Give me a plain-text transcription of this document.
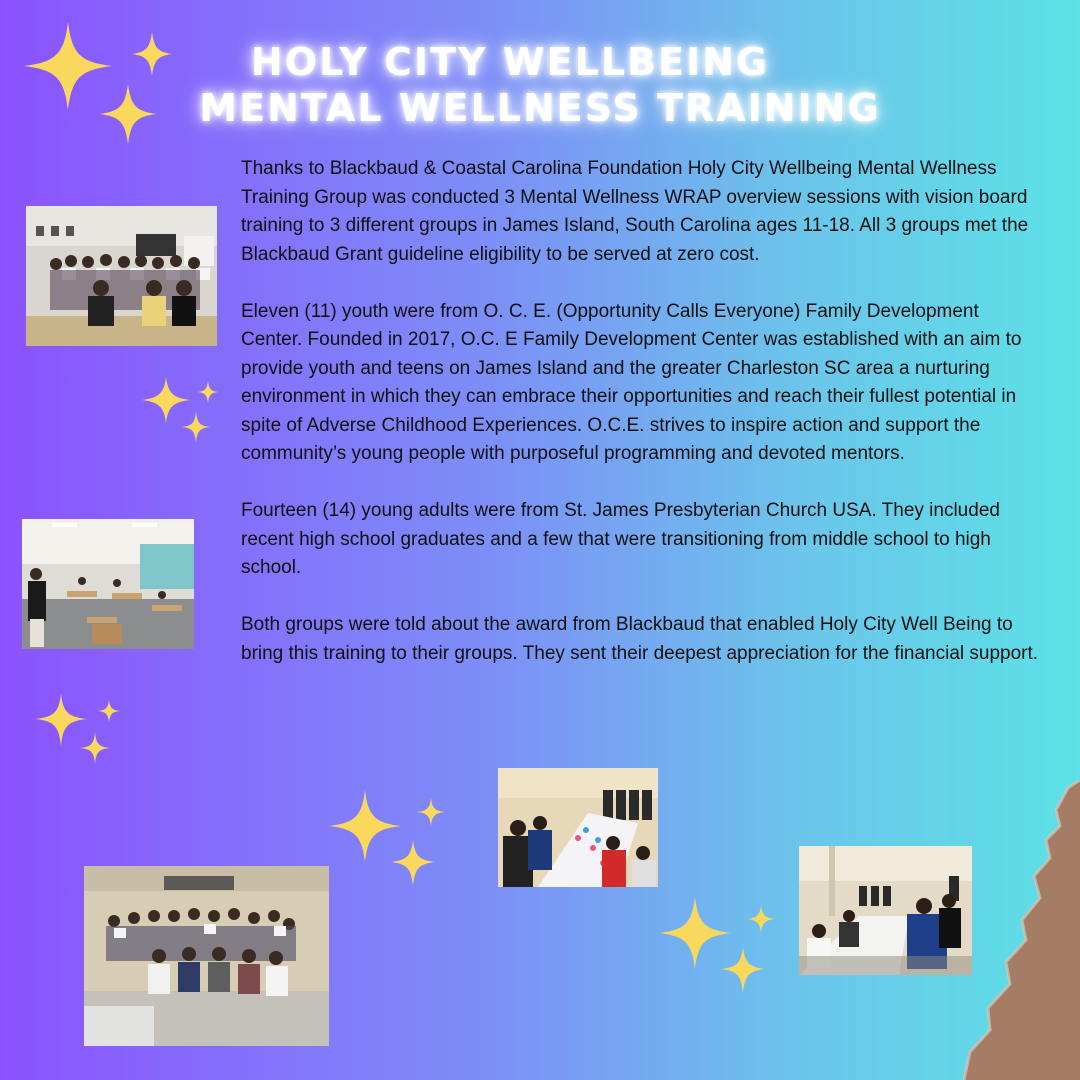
HOLY CITY WELLBEING
MENTAL WELLNESS TRAINING

Thanks to Blackbaud & Coastal Carolina Foundation Holy City Wellbeing Mental Wellness Training Group was conducted 3 Mental Wellness WRAP overview sessions with vision board training to 3 different groups in James Island, South Carolina ages 11-18. All 3 groups met the Blackbaud Grant guideline eligibility to be served at zero cost.

Eleven (11) youth were from O. C. E. (Opportunity Calls Everyone) Family Development Center. Founded in 2017, O.C. E Family Development Center was established with an aim to provide youth and teens on James Island and the greater Charleston SC area a nurturing environment in which they can embrace their opportunities and reach their fullest potential in spite of Adverse Childhood Experiences. O.C.E. strives to inspire action and support the community’s young people with purposeful programming and devoted mentors.

Fourteen (14) young adults were from St. James Presbyterian Church USA. They included recent high school graduates and a few that were transitioning from middle school to high school.

Both groups were told about the award from Blackbaud that enabled Holy City Well Being to bring this training to their groups. They sent their deepest appreciation for the financial support.
